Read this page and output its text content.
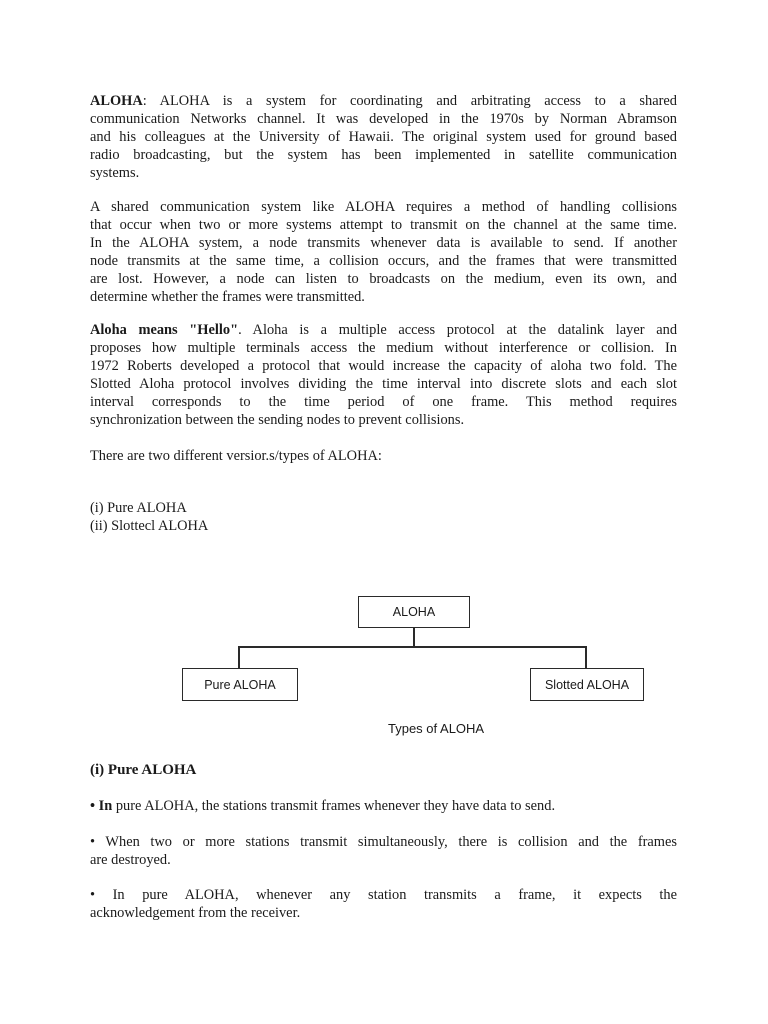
ALOHA: ALOHA is a system for coordinating and arbitrating access to a shared
communication Networks channel. It was developed in the 1970s by Norman Abramson
and his colleagues at the University of Hawaii. The original system used for ground based
radio broadcasting, but the system has been implemented in satellite communication
systems.
A shared communication system like ALOHA requires a method of handling collisions
that occur when two or more systems attempt to transmit on the channel at the same time.
In the ALOHA system, a node transmits whenever data is available to send. If another
node transmits at the same time, a collision occurs, and the frames that were transmitted
are lost. However, a node can listen to broadcasts on the medium, even its own, and
determine whether the frames were transmitted.
Aloha means "Hello". Aloha is a multiple access protocol at the datalink layer and
proposes how multiple terminals access the medium without interference or collision. In
1972 Roberts developed a protocol that would increase the capacity of aloha two fold. The
Slotted Aloha protocol involves dividing the time interval into discrete slots and each slot
interval corresponds to the time period of one frame. This method requires
synchronization between the sending nodes to prevent collisions.
There are two different versior.s/types of ALOHA:
(i) Pure ALOHA
(ii) Slottecl ALOHA
ALOHA
Pure ALOHA	Slotted ALOHA
Types of ALOHA
(i) Pure ALOHA
• In pure ALOHA, the stations transmit frames whenever they have data to send.
• When two or more stations transmit simultaneously, there is collision and the frames
are destroyed.
• In pure ALOHA, whenever any station transmits a frame, it expects the
acknowledgement from the receiver.
